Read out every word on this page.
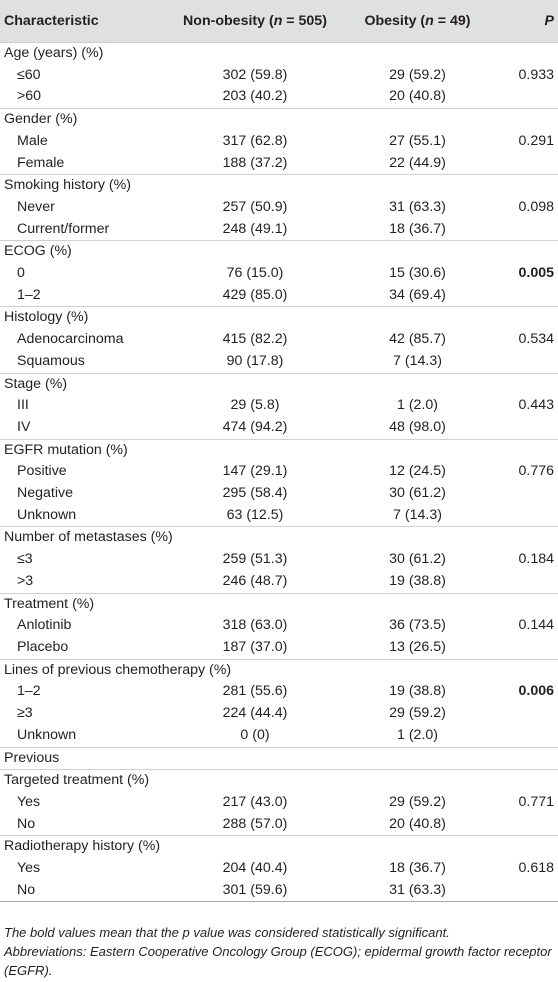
Characteristic	Non-obesity (n = 505)	Obesity (n = 49)	P
Age (years) (%)			
≤60	302 (59.8)	29 (59.2)	0.933
>60	203 (40.2)	20 (40.8)	
Gender (%)			
Male	317 (62.8)	27 (55.1)	0.291
Female	188 (37.2)	22 (44.9)	
Smoking history (%)			
Never	257 (50.9)	31 (63.3)	0.098
Current/former	248 (49.1)	18 (36.7)	
ECOG (%)			
0	76 (15.0)	15 (30.6)	0.005
1–2	429 (85.0)	34 (69.4)	
Histology (%)			
Adenocarcinoma	415 (82.2)	42 (85.7)	0.534
Squamous	90 (17.8)	7 (14.3)	
Stage (%)			
III	29 (5.8)	1 (2.0)	0.443
IV	474 (94.2)	48 (98.0)	
EGFR mutation (%)			
Positive	147 (29.1)	12 (24.5)	0.776
Negative	295 (58.4)	30 (61.2)	
Unknown	63 (12.5)	7 (14.3)	
Number of metastases (%)			
≤3	259 (51.3)	30 (61.2)	0.184
>3	246 (48.7)	19 (38.8)	
Treatment (%)			
Anlotinib	318 (63.0)	36 (73.5)	0.144
Placebo	187 (37.0)	13 (26.5)	
Lines of previous chemotherapy (%)			
1–2	281 (55.6)	19 (38.8)	0.006
≥3	224 (44.4)	29 (59.2)	
Unknown	0 (0)	1 (2.0)	
Previous			
Targeted treatment (%)			
Yes	217 (43.0)	29 (59.2)	0.771
No	288 (57.0)	20 (40.8)	
Radiotherapy history (%)			
Yes	204 (40.4)	18 (36.7)	0.618
No	301 (59.6)	31 (63.3)	

The bold values mean that the p value was considered statistically significant.

Abbreviations: Eastern Cooperative Oncology Group (ECOG); epidermal growth factor receptor (EGFR).
